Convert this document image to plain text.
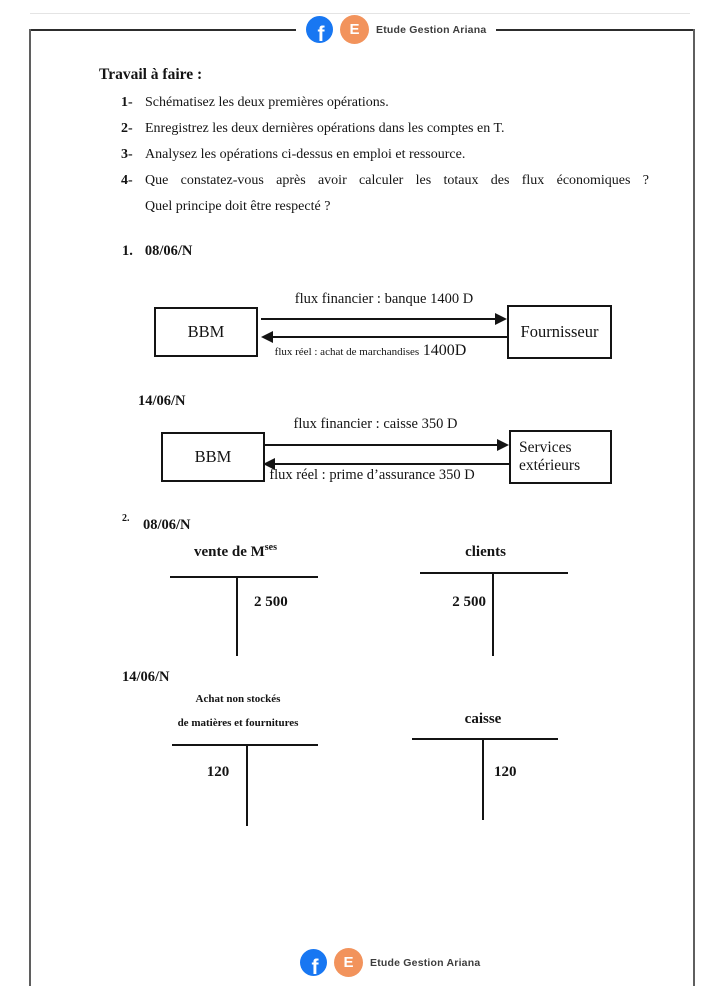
f E Etude Gestion Ariana
Travail à faire :
1- Schématisez les deux premières opérations.
2- Enregistrez les deux dernières opérations dans les comptes en T.
3- Analysez les opérations ci-dessus en emploi et ressource.
4- Que constatez-vous après avoir calculer les totaux des flux économiques ?
Quel principe doit être respecté ?
1. 08/06/N
flux financier : banque 1400 D
BBM	Fournisseur
flux réel : achat de marchandises 1400D
14/06/N
flux financier : caisse 350 D
BBM	Services
extérieurs
flux réel : prime d’assurance 350 D
2. 08/06/N
vente de $M^{ses}$
2 500
clients
2 500
14/06/N
Achat non stockés
de matières et fournitures
120
caisse
120
f E Etude Gestion Ariana
